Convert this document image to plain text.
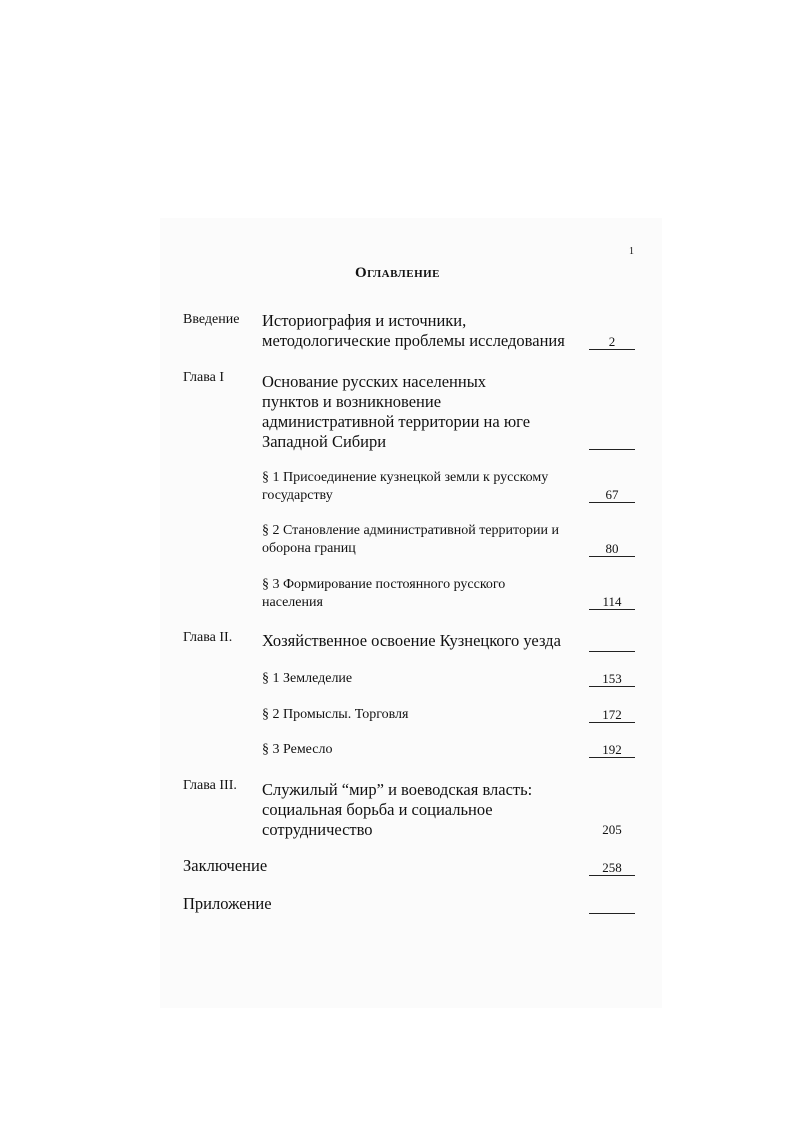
1
Оглавление
Введение Историография и источники,
методологические проблемы исследования	2
Глава I Основание русских населенных
пунктов и возникновение
административной территории на юге
Западной Сибири
§ 1 Присоединение кузнецкой земли к русскому
государству	67
§ 2 Становление административной территории и
оборона границ	80
§ 3 Формирование постоянного русского
населения	114
Глава II. Хозяйственное освоение Кузнецкого уезда
§ 1 Земледелие	153
§ 2 Промыслы. Торговля	172
§ 3 Ремесло	192
Глава III. Служилый “мир” и воеводская власть:
социальная борьба и социальное
сотрудничество	205
Заключение	258
Приложение
